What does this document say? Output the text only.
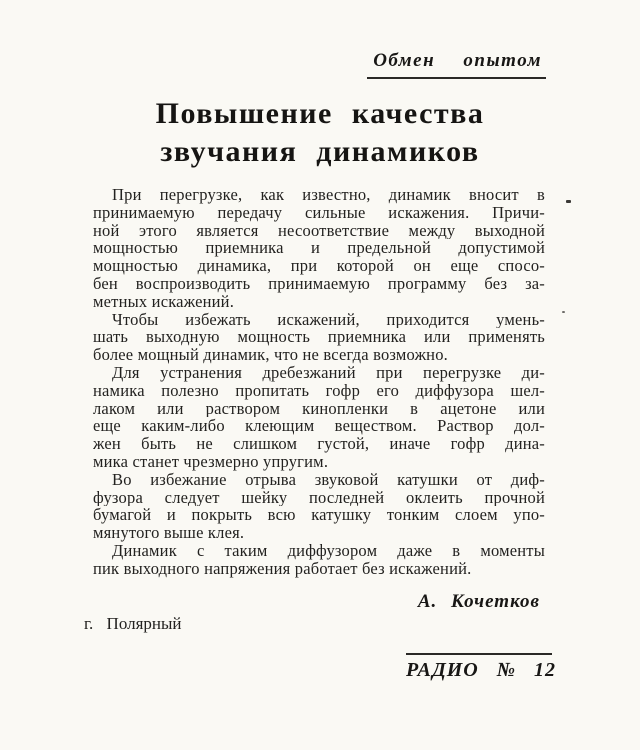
Обмен опытом
Повышение качества
звучания динамиков
При перегрузке, как известно, динамик вносит в
принимаемую передачу сильные искажения. Причи-
ной этого является несоответствие между выходной
мощностью приемника и предельной допустимой
мощностью динамика, при которой он еще спосо-
бен воспроизводить принимаемую программу без за-
метных искажений.
Чтобы избежать искажений, приходится умень-
шать выходную мощность приемника или применять
более мощный динамик, что не всегда возможно.
Для устранения дребезжаний при перегрузке ди-
намика полезно пропитать гофр его диффузора шел-
лаком или раствором кинопленки в ацетоне или
еще каким-либо клеющим веществом. Раствор дол-
жен быть не слишком густой, иначе гофр дина-
мика станет чрезмерно упругим.
Во избежание отрыва звуковой катушки от диф-
фузора следует шейку последней оклеить прочной
бумагой и покрыть всю катушку тонким слоем упо-
мянутого выше клея.
Динамик с таким диффузором даже в моменты
пик выходного напряжения работает без искажений.
А. Кочетков
г. Полярный
РАДИО № 12
